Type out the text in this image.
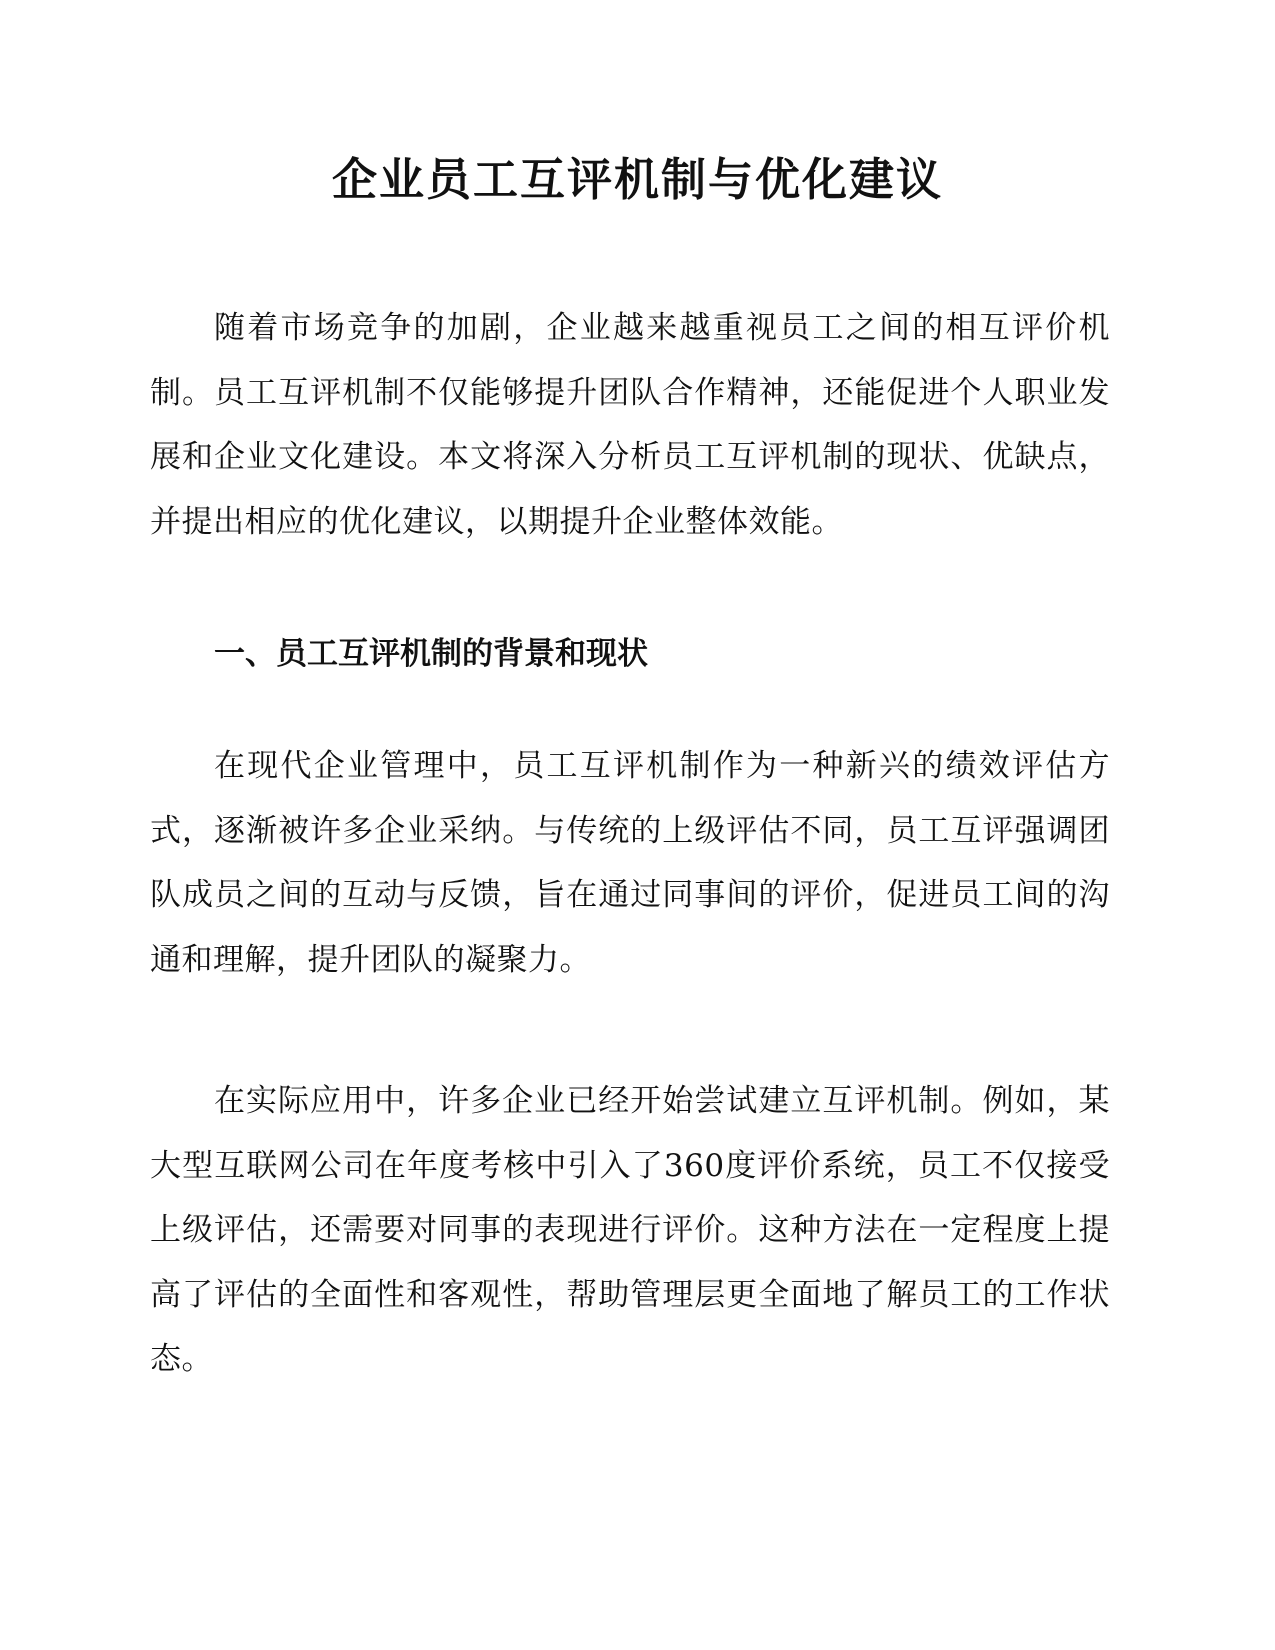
企业员工互评机制与优化建议

随着市场竞争的加剧，企业越来越重视员工之间的相互评价机制。员工互评机制不仅能够提升团队合作精神，还能促进个人职业发展和企业文化建设。本文将深入分析员工互评机制的现状、优缺点，并提出相应的优化建议，以期提升企业整体效能。

一、员工互评机制的背景和现状

在现代企业管理中，员工互评机制作为一种新兴的绩效评估方式，逐渐被许多企业采纳。与传统的上级评估不同，员工互评强调团队成员之间的互动与反馈，旨在通过同事间的评价，促进员工间的沟通和理解，提升团队的凝聚力。

在实际应用中，许多企业已经开始尝试建立互评机制。例如，某大型互联网公司在年度考核中引入了360度评价系统，员工不仅接受上级评估，还需要对同事的表现进行评价。这种方法在一定程度上提高了评估的全面性和客观性，帮助管理层更全面地了解员工的工作状态。
